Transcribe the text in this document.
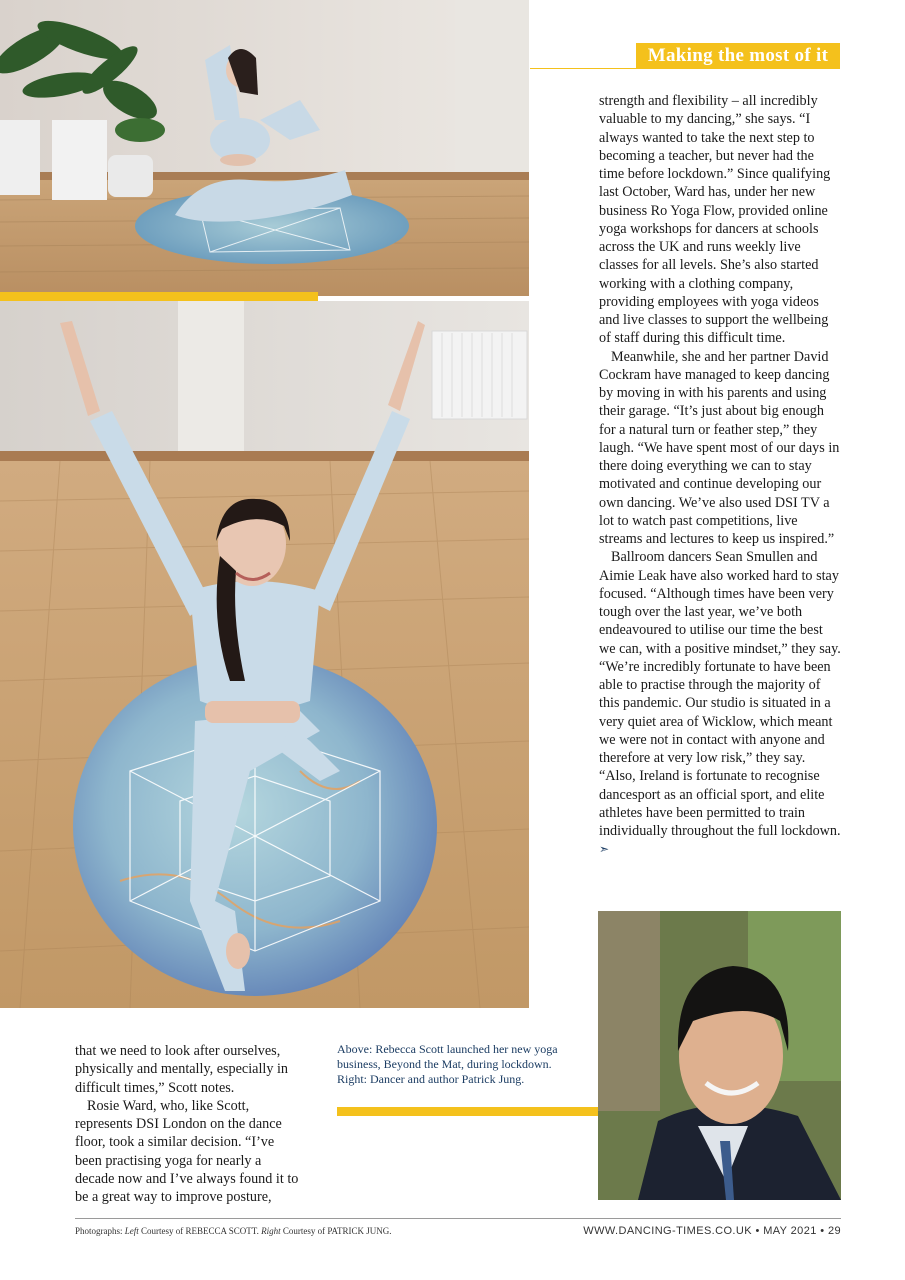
Making the most of it

strength and flexibility – all incredibly valuable to my dancing,” she says. “I always wanted to take the next step to becoming a teacher, but never had the time before lockdown.” Since qualifying last October, Ward has, under her new business Ro Yoga Flow, provided online yoga workshops for dancers at schools across the UK and runs weekly live classes for all levels. She’s also started working with a clothing company, providing employees with yoga videos and live classes to support the wellbeing of staff during this difficult time.

Meanwhile, she and her partner David Cockram have managed to keep dancing by moving in with his parents and using their garage. “It’s just about big enough for a natural turn or feather step,” they laugh. “We have spent most of our days in there doing everything we can to stay motivated and continue developing our own dancing. We’ve also used DSI TV a lot to watch past competitions, live streams and lectures to keep us inspired.”

Ballroom dancers Sean Smullen and Aimie Leak have also worked hard to stay focused. “Although times have been very tough over the last year, we’ve both endeavoured to utilise our time the best we can, with a positive mindset,” they say. “We’re incredibly fortunate to have been able to practise through the majority of this pandemic. Our studio is situated in a very quiet area of Wicklow, which meant we were not in contact with anyone and therefore at very low risk,” they say. “Also, Ireland is fortunate to recognise dancesport as an official sport, and elite athletes have been permitted to train individually throughout the full lockdown. ➣

that we need to look after ourselves, physically and mentally, especially in difficult times,” Scott notes.

Rosie Ward, who, like Scott, represents DSI London on the dance floor, took a similar decision. “I’ve been practising yoga for nearly a decade now and I’ve always found it to be a great way to improve posture,

Above: Rebecca Scott launched her new yoga business, Beyond the Mat, during lockdown. Right: Dancer and author Patrick Jung.
Photographs: Left Courtesy of REBECCA SCOTT. Right Courtesy of PATRICK JUNG.	WWW.DANCING-TIMES.CO.UK • MAY 2021 • 29
